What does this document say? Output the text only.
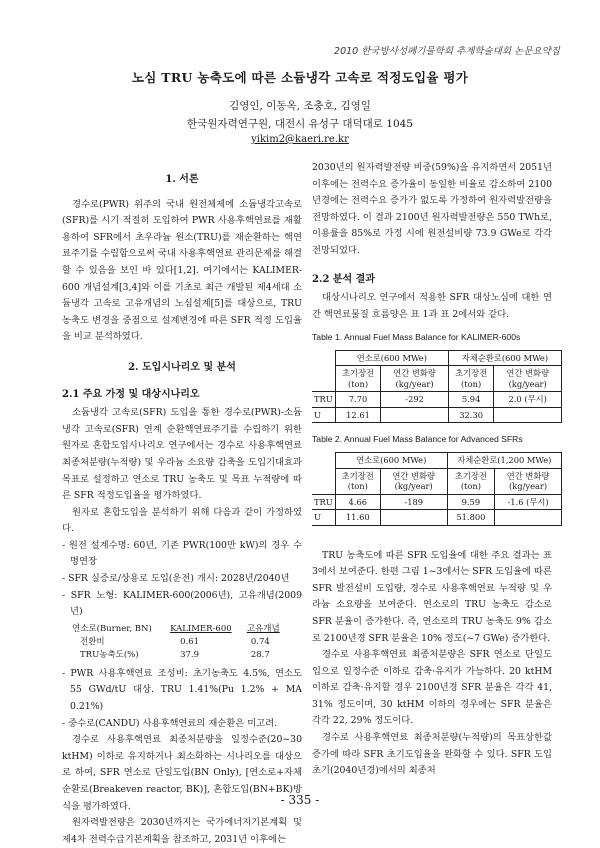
2010 한국방사성폐기물학회 추계학술대회 논문요약집
노심 TRU 농축도에 따른 소듐냉각 고속로 적정도입율 평가
김영인, 이동옥, 조충호, 김영일
한국원자력연구원, 대전시 유성구 대덕대로 1045
yikim2@kaeri.re.kr
1. 서론

경수로(PWR) 위주의 국내 원전체제에 소듐냉각고속로(SFR)를 시기 적절히 도입하여 PWR 사용후핵연료를 재활용하여 SFR에서 초우라늄 원소(TRU)를 재순환하는 핵연료주기를 수립함으로써 국내 사용후핵연료 관리문제를 해결할 수 있음을 보인 바 있다[1,2]. 여기에서는 KALIMER-600 개념설계[3,4]와 이를 기초로 최근 개발된 제4세대 소듐냉각 고속로 고유개념의 노심설계[5]를 대상으로, TRU 농축도 변경을 중점으로 설계변경에 따른 SFR 적정 도입율을 비교 분석하였다.

2. 도입시나리오 및 분석
2.1 주요 가정 및 대상시나리오

소듐냉각 고속로(SFR) 도입을 통한 경수로(PWR)-소듐냉각 고속로(SFR) 연계 순환핵연료주기를 수립하기 위한 원자로 혼합도입시나리오 연구에서는 경수로 사용후핵연료 최종처분량(누적량) 및 우라늄 소요량 감축을 도입기대효과 목표로 설정하고 연소로 TRU 농축도 및 목표 누적량에 따른 SFR 적정도입율을 평가하였다.

원자로 혼합도입을 분석하기 위해 다음과 같이 가정하였다.

- 원전 설계수명: 60년, 기존 PWR(100만 kW)의 경우 수명연장

- SFR 실증로/상용로 도입(운전) 개시: 2028년/2040년

- SFR 노형: KALIMER-600(2006년), 고유개념(2009년)

연소로(Burner, BN)	KALIMER-600	고유개념
전환비	0.61	0.74
TRU농축도(%)	37.9	28.7

- PWR 사용후핵연료 조성비: 초기농축도 4.5%, 연소도 55 GWd/tU 대상. TRU 1.41%(Pu 1.2% + MA 0.21%)

- 중수로(CANDU) 사용후핵연료의 재순환은 미고려.

경수로 사용후핵연료 최종처분량을 일정수준(20~30 ktHM) 이하로 유지하거나 최소화하는 시나리오를 대상으로 하여, SFR 연소로 단일도입(BN Only), [연소로+자체순환로(Breakeven reactor, BK)], 혼합도입(BN+BK)방식을 평가하였다.

원자력발전량은 2030년까지는 국가에너지기본계획 및 제4차 전력수급기본계획을 참조하고, 2031년 이후에는

2030년의 원자력발전량 비중(59%)을 유지하면서 2051년 이후에는 전력수요 증가율이 동일한 비율로 감소하여 2100년경에는 전력수요 증가가 없도록 가정하여 원자력발전량을 전망하였다. 이 결과 2100년 원자력발전량은 550 TWh로, 이용률을 85%로 가정 시에 원전설비량 73.9 GWe로 각각 전망되었다.

2.2 분석 결과

대상시나리오 연구에서 적용한 SFR 대상노심에 대한 연간 핵연료물질 흐름양은 표 1과 표 2에서와 같다.

Table 1. Annual Fuel Mass Balance for KALIMER-600s
	연소로(600 MWe)		자체순환로(600 MWe)	
	초기장전 (ton)	연간 변화량 (kg/year)	초기장전 (ton)	연간 변화량 (kg/year)
TRU	7.70	-292	5.94	2.0 (무시)
U	12.61		32.30	
Table 2. Annual Fuel Mass Balance for Advanced SFRs
	연소로(600 MWe)		자체순환로(1,200 MWe)	
	초기장전 (ton)	연간 변화량 (kg/year)	초기장전 (ton)	연간 변화량 (kg/year)
TRU	4.66	-189	9.59	-1.6 (무시)
U	11.60		51.800	

TRU 농축도에 따른 SFR 도입율에 대한 주요 결과는 표 3에서 보여준다. 한편 그림 1~3에서는 SFR 도입율에 따른 SFR 발전설비 도입량, 경수로 사용후핵연료 누적량 및 우라늄 소요량을 보여준다. 연소로의 TRU 농축도 감소로 SFR 분율이 증가한다. 즉, 연소로의 TRU 농축도 9% 감소로 2100년경 SFR 분율은 10% 정도(~7 GWe) 증가한다.

경수로 사용후핵연료 최종처분량은 SFR 연소로 단일도입으로 일정수준 이하로 감축·유지가 가능하다. 20 ktHM 이하로 감축·유지할 경우 2100년경 SFR 분율은 각각 41, 31% 정도이며, 30 ktHM 이하의 경우에는 SFR 분율은 각각 22, 29% 정도이다.

경수로 사용후핵연료 최종처분량(누적량)의 목표상한값 증가에 따라 SFR 초기도입율을 완화할 수 있다. SFR 도입 초기(2040년경)에서의 최종처

- 335 -
